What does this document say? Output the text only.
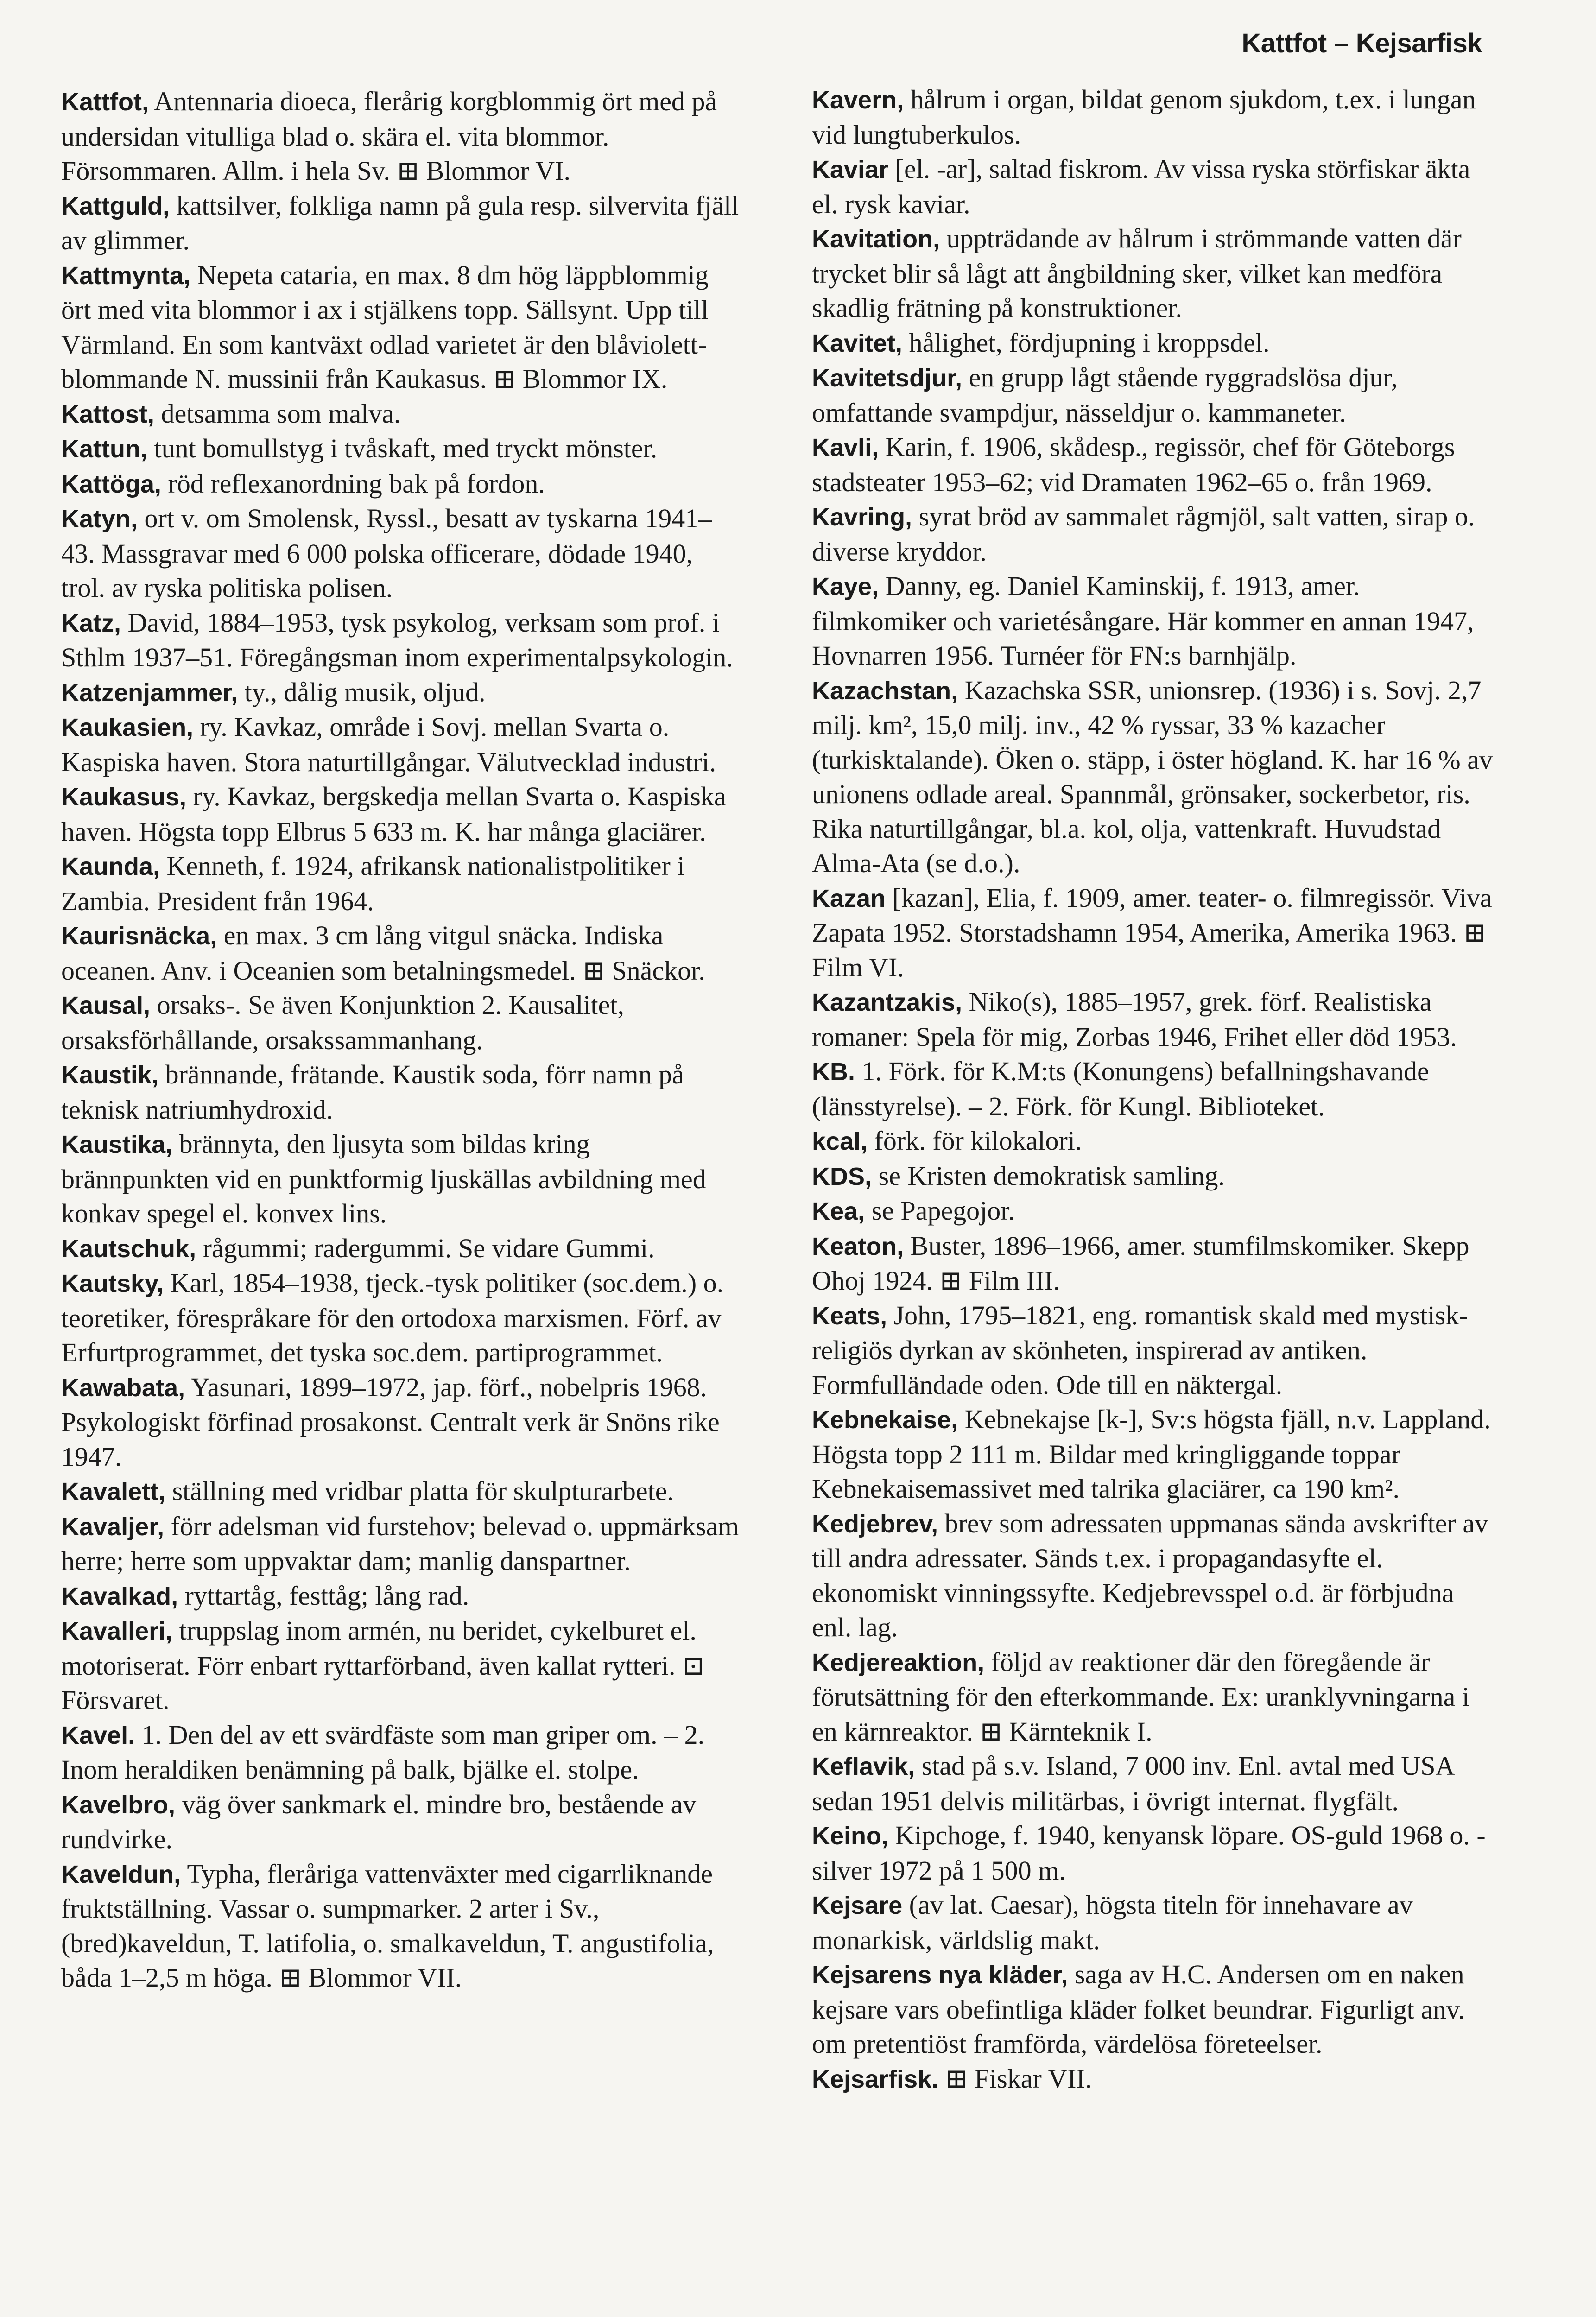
Kattfot – Kejsarfisk

Kattfot, Antennaria dioeca, flerårig korgblommig ört med på undersidan vitulliga blad o. skära el. vita blommor. Försommaren. Allm. i hela Sv. ⊞ Blommor VI.

Kattguld, kattsilver, folkliga namn på gula resp. silvervita fjäll av glimmer.

Kattmynta, Nepeta cataria, en max. 8 dm hög läppblommig ört med vita blommor i ax i stjälkens topp. Sällsynt. Upp till Värmland. En som kantväxt odlad varietet är den blåviolettblommande N. mussinii från Kaukasus. ⊞ Blommor IX.

Kattost, detsamma som malva.

Kattun, tunt bomullstyg i tvåskaft, med tryckt mönster.

Kattöga, röd reflexanordning bak på fordon.

Katyn, ort v. om Smolensk, Ryssl., besatt av tyskarna 1941–43. Massgravar med 6 000 polska officerare, dödade 1940, trol. av ryska politiska polisen.

Katz, David, 1884–1953, tysk psykolog, verksam som prof. i Sthlm 1937–51. Föregångsman inom experimentalpsykologin.

Katzenjammer, ty., dålig musik, oljud.

Kaukasien, ry. Kavkaz, område i Sovj. mellan Svarta o. Kaspiska haven. Stora naturtillgångar. Välutvecklad industri.

Kaukasus, ry. Kavkaz, bergskedja mellan Svarta o. Kaspiska haven. Högsta topp Elbrus 5 633 m. K. har många glaciärer.

Kaunda, Kenneth, f. 1924, afrikansk nationalistpolitiker i Zambia. President från 1964.

Kaurisnäcka, en max. 3 cm lång vitgul snäcka. Indiska oceanen. Anv. i Oceanien som betalningsmedel. ⊞ Snäckor.

Kausal, orsaks-. Se även Konjunktion 2. Kausalitet, orsaksförhållande, orsakssammanhang.

Kaustik, brännande, frätande. Kaustik soda, förr namn på teknisk natriumhydroxid.

Kaustika, brännyta, den ljusyta som bildas kring brännpunkten vid en punktformig ljuskällas avbildning med konkav spegel el. konvex lins.

Kautschuk, rågummi; radergummi. Se vidare Gummi.

Kautsky, Karl, 1854–1938, tjeck.-tysk politiker (soc.dem.) o. teoretiker, förespråkare för den ortodoxa marxismen. Förf. av Erfurtprogrammet, det tyska soc.dem. partiprogrammet.

Kawabata, Yasunari, 1899–1972, jap. förf., nobelpris 1968. Psykologiskt förfinad prosakonst. Centralt verk är Snöns rike 1947.

Kavalett, ställning med vridbar platta för skulpturarbete.

Kavaljer, förr adelsman vid furstehov; belevad o. uppmärksam herre; herre som uppvaktar dam; manlig danspartner.

Kavalkad, ryttartåg, festtåg; lång rad.

Kavalleri, truppslag inom armén, nu beridet, cykelburet el. motoriserat. Förr enbart ryttarförband, även kallat rytteri. ⊡ Försvaret.

Kavel. 1. Den del av ett svärdfäste som man griper om. – 2. Inom heraldiken benämning på balk, bjälke el. stolpe.

Kavelbro, väg över sankmark el. mindre bro, bestående av rundvirke.

Kaveldun, Typha, fleråriga vattenväxter med cigarrliknande fruktställning. Vassar o. sumpmarker. 2 arter i Sv., (bred)kaveldun, T. latifolia, o. smalkaveldun, T. angustifolia, båda 1–2,5 m höga. ⊞ Blommor VII.

Kavern, hålrum i organ, bildat genom sjukdom, t.ex. i lungan vid lungtuberkulos.

Kaviar [el. -ar], saltad fiskrom. Av vissa ryska störfiskar äkta el. rysk kaviar.

Kavitation, uppträdande av hålrum i strömmande vatten där trycket blir så lågt att ångbildning sker, vilket kan medföra skadlig frätning på konstruktioner.

Kavitet, hålighet, fördjupning i kroppsdel.

Kavitetsdjur, en grupp lågt stående ryggradslösa djur, omfattande svampdjur, nässeldjur o. kammaneter.

Kavli, Karin, f. 1906, skådesp., regissör, chef för Göteborgs stadsteater 1953–62; vid Dramaten 1962–65 o. från 1969.

Kavring, syrat bröd av sammalet rågmjöl, salt vatten, sirap o. diverse kryddor.

Kaye, Danny, eg. Daniel Kaminskij, f. 1913, amer. filmkomiker och varietésångare. Här kommer en annan 1947, Hovnarren 1956. Turnéer för FN:s barnhjälp.

Kazachstan, Kazachska SSR, unionsrep. (1936) i s. Sovj. 2,7 milj. km², 15,0 milj. inv., 42 % ryssar, 33 % kazacher (turkisktalande). Öken o. stäpp, i öster högland. K. har 16 % av unionens odlade areal. Spannmål, grönsaker, sockerbetor, ris. Rika naturtillgångar, bl.a. kol, olja, vattenkraft. Huvudstad Alma-Ata (se d.o.).

Kazan [kazan], Elia, f. 1909, amer. teater- o. filmregissör. Viva Zapata 1952. Storstadshamn 1954, Amerika, Amerika 1963. ⊞ Film VI.

Kazantzakis, Niko(s), 1885–1957, grek. förf. Realistiska romaner: Spela för mig, Zorbas 1946, Frihet eller död 1953.

KB. 1. Förk. för K.M:ts (Konungens) befallningshavande (länsstyrelse). – 2. Förk. för Kungl. Biblioteket.

kcal, förk. för kilokalori.

KDS, se Kristen demokratisk samling.

Kea, se Papegojor.

Keaton, Buster, 1896–1966, amer. stumfilmskomiker. Skepp Ohoj 1924. ⊞ Film III.

Keats, John, 1795–1821, eng. romantisk skald med mystisk-religiös dyrkan av skönheten, inspirerad av antiken. Formfulländade oden. Ode till en näktergal.

Kebnekaise, Kebnekajse [k-], Sv:s högsta fjäll, n.v. Lappland. Högsta topp 2 111 m. Bildar med kringliggande toppar Kebnekaisemassivet med talrika glaciärer, ca 190 km².

Kedjebrev, brev som adressaten uppmanas sända avskrifter av till andra adressater. Sänds t.ex. i propagandasyfte el. ekonomiskt vinningssyfte. Kedjebrevsspel o.d. är förbjudna enl. lag.

Kedjereaktion, följd av reaktioner där den föregående är förutsättning för den efterkommande. Ex: uranklyvningarna i en kärnreaktor. ⊞ Kärnteknik I.

Keflavik, stad på s.v. Island, 7 000 inv. Enl. avtal med USA sedan 1951 delvis militärbas, i övrigt internat. flygfält.

Keino, Kipchoge, f. 1940, kenyansk löpare. OS-guld 1968 o. -silver 1972 på 1 500 m.

Kejsare (av lat. Caesar), högsta titeln för innehavare av monarkisk, världslig makt.

Kejsarens nya kläder, saga av H.C. Andersen om en naken kejsare vars obefintliga kläder folket beundrar. Figurligt anv. om pretentiöst framförda, värdelösa företeelser.

Kejsarfisk. ⊞ Fiskar VII.
